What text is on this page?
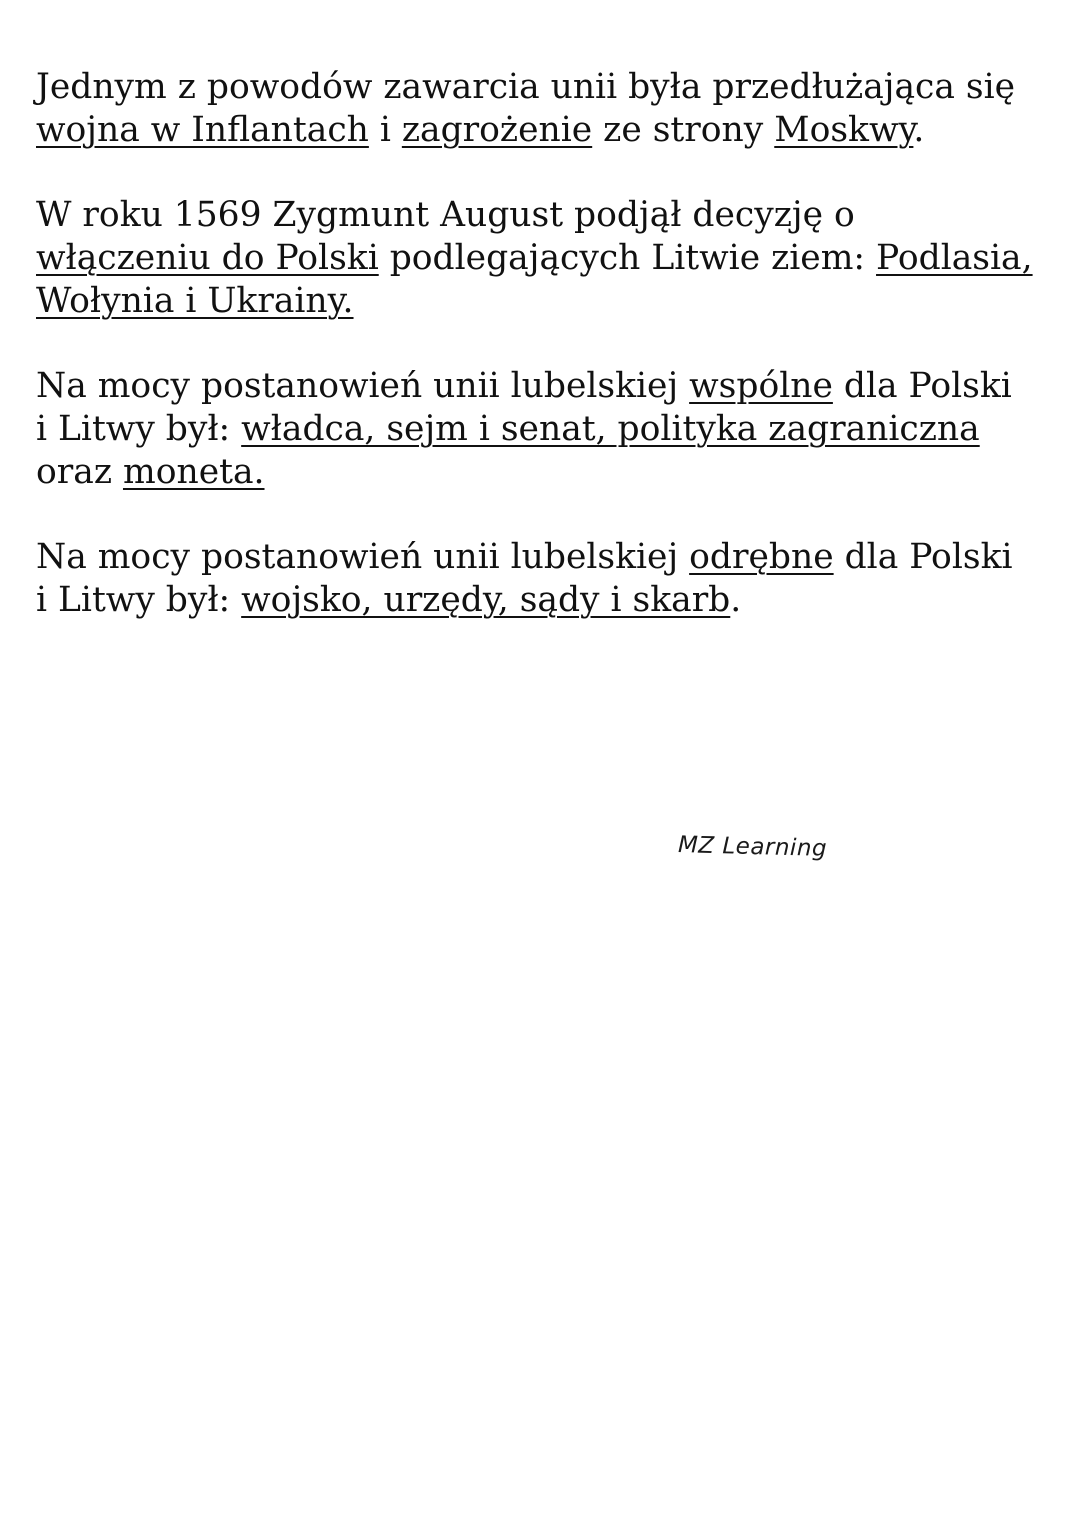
Jednym z powodów zawarcia unii była przedłużająca się
wojna w Inflantach i zagrożenie ze strony Moskwy.

W roku 1569 Zygmunt August podjął decyzję o
włączeniu do Polski podlegających Litwie ziem: Podlasia,
Wołynia i Ukrainy.

Na mocy postanowień unii lubelskiej wspólne dla Polski
i Litwy był: władca, sejm i senat, polityka zagraniczna
oraz moneta.

Na mocy postanowień unii lubelskiej odrębne dla Polski
i Litwy był: wojsko, urzędy, sądy i skarb.

MZ Learning
